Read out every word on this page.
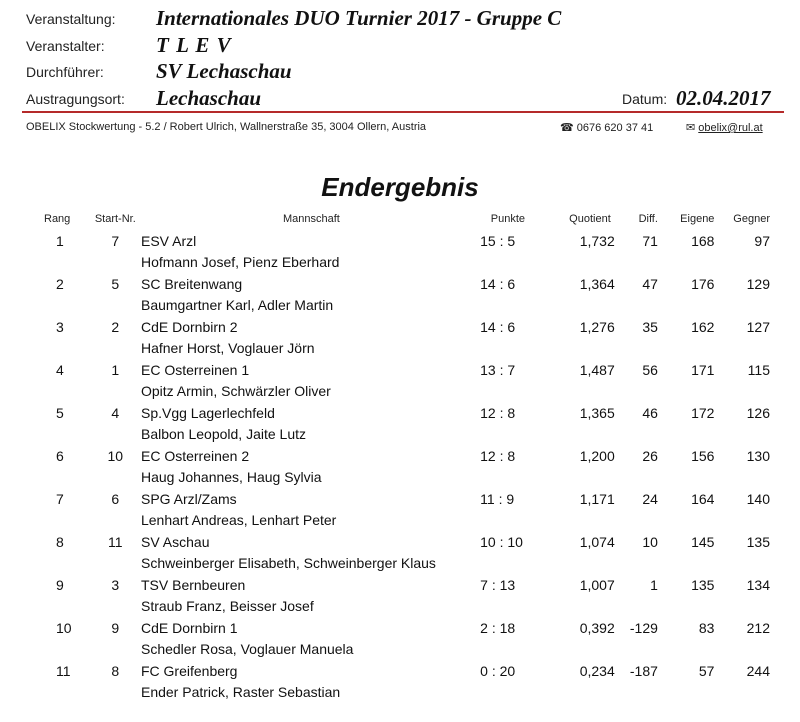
Veranstaltung: Internationales DUO Turnier 2017 - Gruppe C
Veranstalter: T L E V
Durchführer: SV Lechaschau
Austragungsort: Lechaschau	Datum: 02.04.2017
OBELIX Stockwertung - 5.2 / Robert Ulrich, Wallnerstraße 35, 3004 Ollern, Austria	☎ 0676 620 37 41	✉ obelix@rul.at
Endergebnis
Rang	Start-Nr.	Mannschaft	Punkte	Quotient	Diff.	Eigene	Gegner
1	7	ESV Arzl	15 : 5	1,732	71	168	97
		Hofmann Josef, Pienz Eberhard					
2	5	SC Breitenwang	14 : 6	1,364	47	176	129
		Baumgartner Karl, Adler Martin					
3	2	CdE Dornbirn 2	14 : 6	1,276	35	162	127
		Hafner Horst, Voglauer Jörn					
4	1	EC Osterreinen 1	13 : 7	1,487	56	171	115
		Opitz Armin, Schwärzler Oliver					
5	4	Sp.Vgg Lagerlechfeld	12 : 8	1,365	46	172	126
		Balbon Leopold, Jaite Lutz					
6	10	EC Osterreinen 2	12 : 8	1,200	26	156	130
		Haug Johannes, Haug Sylvia					
7	6	SPG Arzl/Zams	11 : 9	1,171	24	164	140
		Lenhart Andreas, Lenhart Peter					
8	11	SV Aschau	10 : 10	1,074	10	145	135
		Schweinberger Elisabeth, Schweinberger Klaus					
9	3	TSV Bernbeuren	7 : 13	1,007	1	135	134
		Straub Franz, Beisser Josef					
10	9	CdE Dornbirn 1	2 : 18	0,392	-129	83	212
		Schedler Rosa, Voglauer Manuela					
11	8	FC Greifenberg	0 : 20	0,234	-187	57	244
		Ender Patrick, Raster Sebastian					
